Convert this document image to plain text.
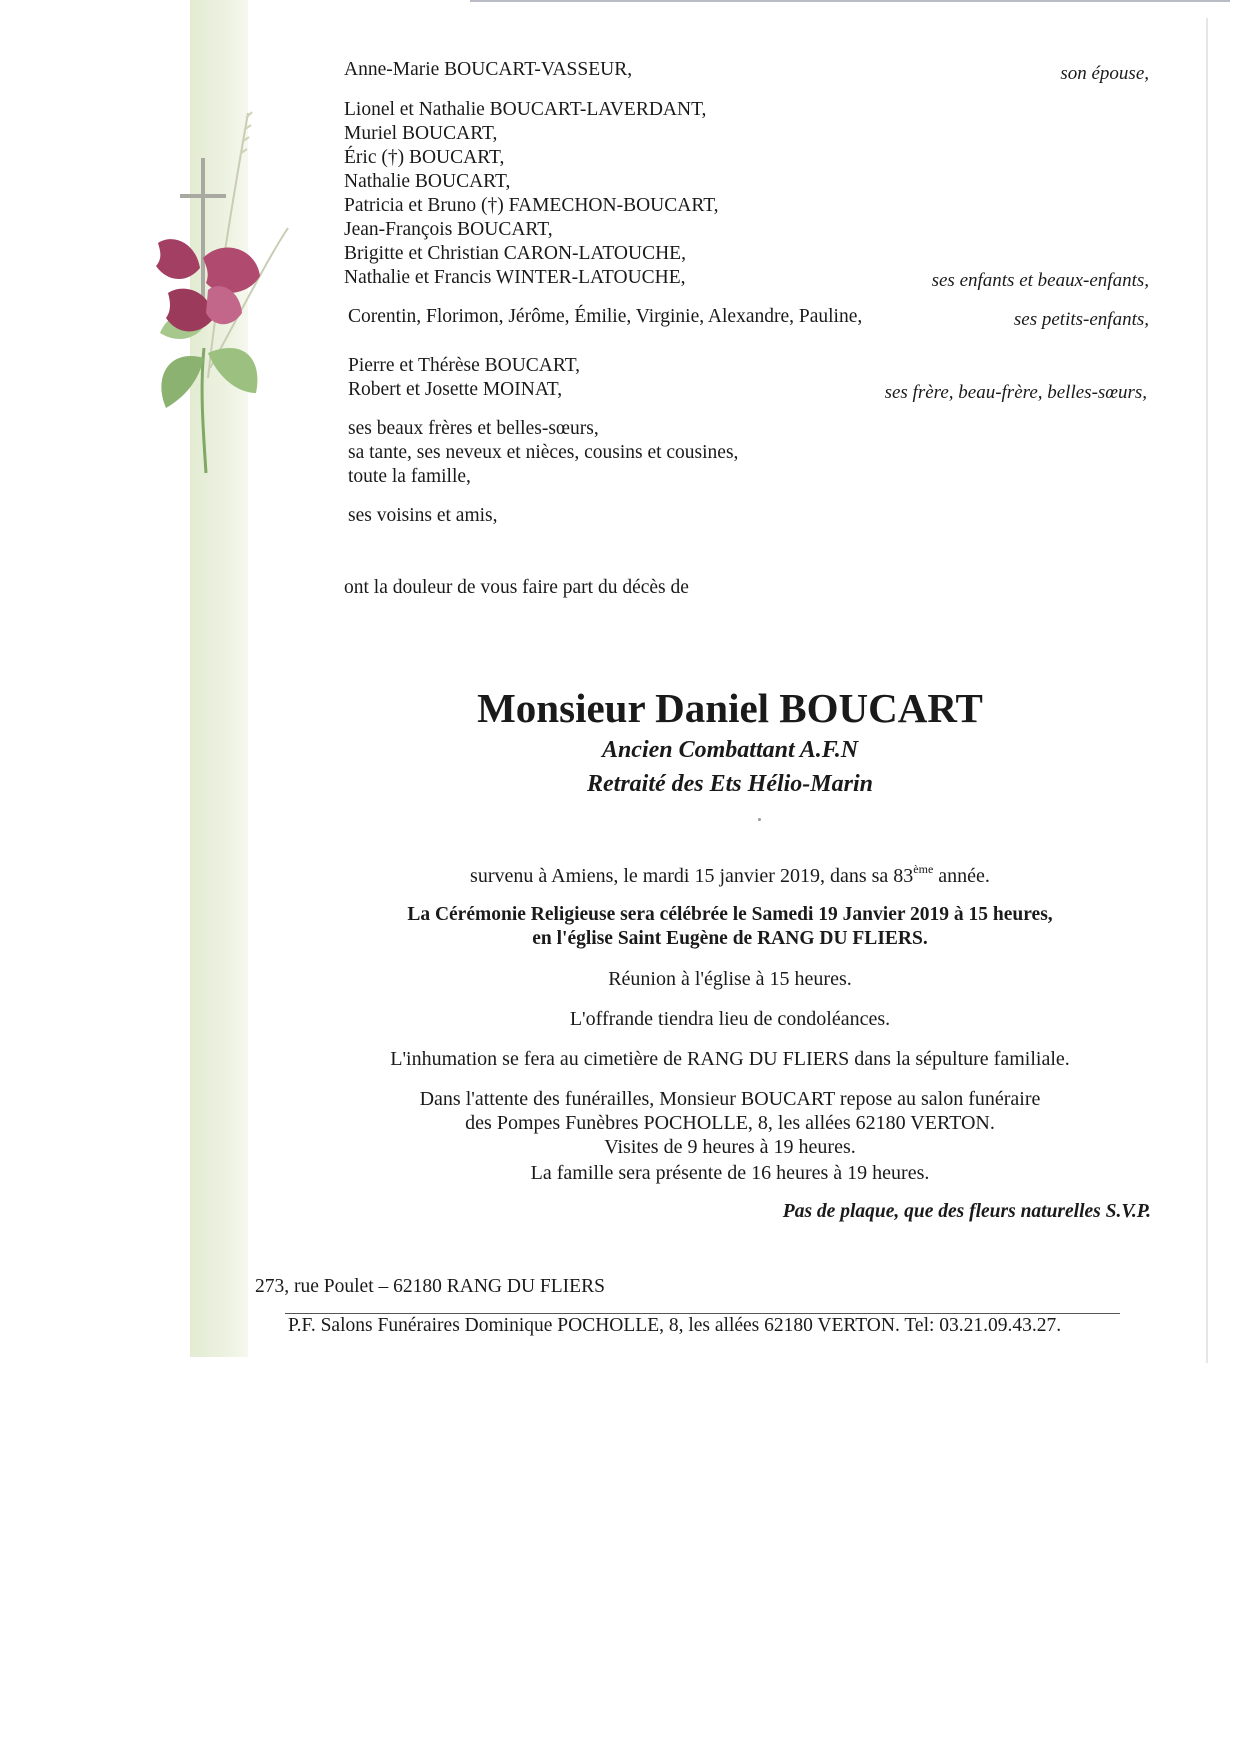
Anne-Marie BOUCART-VASSEUR,	son épouse,
Lionel et Nathalie BOUCART-LAVERDANT,
Muriel BOUCART,
Éric (†) BOUCART,
Nathalie BOUCART,
Patricia et Bruno (†) FAMECHON-BOUCART,
Jean-François BOUCART,
Brigitte et Christian CARON-LATOUCHE,
Nathalie et Francis WINTER-LATOUCHE,	ses enfants et beaux-enfants,
Corentin, Florimon, Jérôme, Émilie, Virginie, Alexandre, Pauline,	ses petits-enfants,
Pierre et Thérèse BOUCART,
Robert et Josette MOINAT,	ses frère, beau-frère, belles-sœurs,
ses beaux frères et belles-sœurs,
sa tante, ses neveux et nièces, cousins et cousines,
toute la famille,
ses voisins et amis,
ont la douleur de vous faire part du décès de
Monsieur Daniel BOUCART
Ancien Combattant A.F.N
Retraité des Ets Hélio-Marin
survenu à Amiens, le mardi 15 janvier 2019, dans sa 83ème année.
La Cérémonie Religieuse sera célébrée le Samedi 19 Janvier 2019 à 15 heures,
en l'église Saint Eugène de RANG DU FLIERS.
Réunion à l'église à 15 heures.
L'offrande tiendra lieu de condoléances.
L'inhumation se fera au cimetière de RANG DU FLIERS dans la sépulture familiale.
Dans l'attente des funérailles, Monsieur BOUCART repose au salon funéraire
des Pompes Funèbres POCHOLLE, 8, les allées 62180 VERTON.
Visites de 9 heures à 19 heures.
La famille sera présente de 16 heures à 19 heures.
Pas de plaque, que des fleurs naturelles S.V.P.
273, rue Poulet – 62180 RANG DU FLIERS
P.F. Salons Funéraires Dominique POCHOLLE, 8, les allées 62180 VERTON. Tel: 03.21.09.43.27.
